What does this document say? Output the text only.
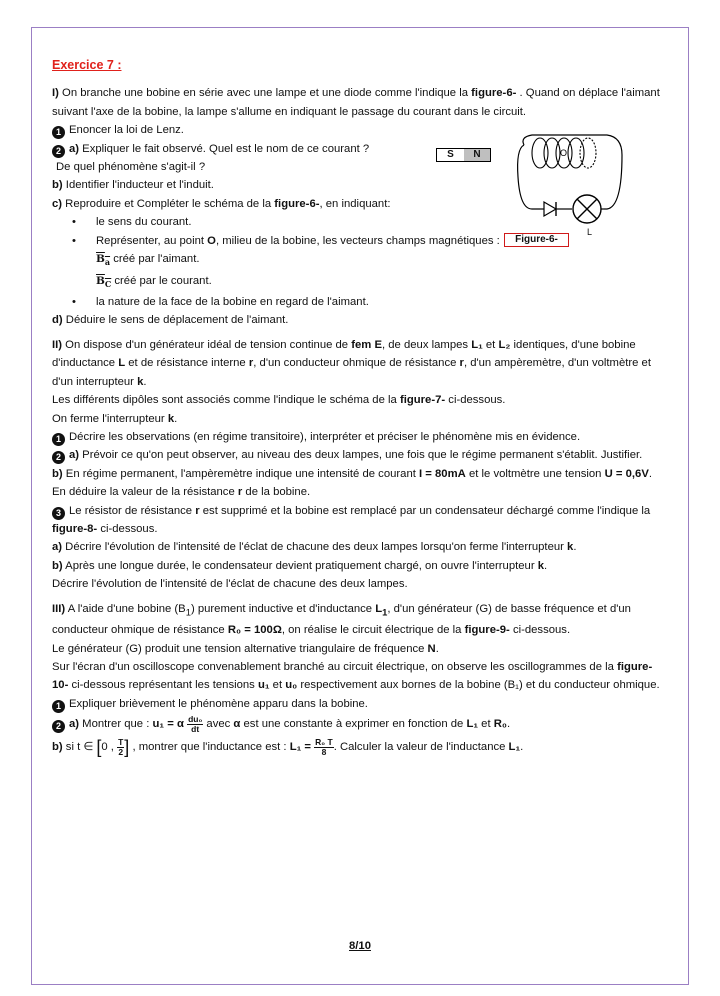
Exercice 7 :

I) On branche une bobine en série avec une lampe et une diode comme l'indique la figure-6- . Quand on déplace l'aimant suivant l'axe de la bobine, la lampe s'allume en indiquant le passage du courant dans le circuit.

1 Enoncer la loi de Lenz.

2 a) Expliquer le fait observé. Quel est le nom de ce courant ?

De quel phénomène s'agit-il ?

b) Identifier l'inducteur et l'induit.

c) Reproduire et Compléter le schéma de la figure-6-, en indiquant:

• le sens du courant.

• Représenter, au point O, milieu de la bobine, les vecteurs champs magnétiques :

$B_a$ créé par l'aimant.

$B_C$ créé par le courant.

• la nature de la face de la bobine en regard de l'aimant.

d) Déduire le sens de déplacement de l'aimant.

II) On dispose d'un générateur idéal de tension continue de fem E, de deux lampes L₁ et L₂ identiques, d'une bobine d'inductance L et de résistance interne r, d'un conducteur ohmique de résistance r, d'un ampèremètre, d'un voltmètre et d'un interrupteur k.

Les différents dipôles sont associés comme l'indique le schéma de la figure-7- ci-dessous.

On ferme l'interrupteur k.

1 Décrire les observations (en régime transitoire), interpréter et préciser le phénomène mis en évidence.

2 a) Prévoir ce qu'on peut observer, au niveau des deux lampes, une fois que le régime permanent s'établit. Justifier.

b) En régime permanent, l'ampèremètre indique une intensité de courant I = 80mA et le voltmètre une tension U = 0,6V.

En déduire la valeur de la résistance r de la bobine.

3 Le résistor de résistance r est supprimé et la bobine est remplacé par un condensateur déchargé comme l'indique la figure-8- ci-dessous.

a) Décrire l'évolution de l'intensité de l'éclat de chacune des deux lampes lorsqu'on ferme l'interrupteur k.

b) Après une longue durée, le condensateur devient pratiquement chargé, on ouvre l'interrupteur k.

Décrire l'évolution de l'intensité de l'éclat de chacune des deux lampes.

III) A l'aide d'une bobine $(B_1)$ purement inductive et d'inductance $L_1$, d'un générateur (G) de basse fréquence et d'un conducteur ohmique de résistance R₀ = 100Ω, on réalise le circuit électrique de la figure-9- ci-dessous.

Le générateur (G) produit une tension alternative triangulaire de fréquence N.

Sur l'écran d'un oscilloscope convenablement branché au circuit électrique, on observe les oscillogrammes de la figure-10- ci-dessous représentant les tensions u₁ et u₀ respectivement aux bornes de la bobine (B₁) et du conducteur ohmique.

1 Expliquer brièvement le phénomène apparu dans la bobine.

2 a) Montrer que : u₁ = α $\frac{\text{du₀}}{dt}$ avec α est une constante à exprimer en fonction de L₁ et R₀.

b) si t ∈ [0 , $\frac{T}{2}$ ] , montrer que l'inductance est : $L_1 = \frac{\text{R₀ T}}{8}$ . Calculer la valeur de l'inductance L₁.

S	N	O
L
Figure-6-
8/10
